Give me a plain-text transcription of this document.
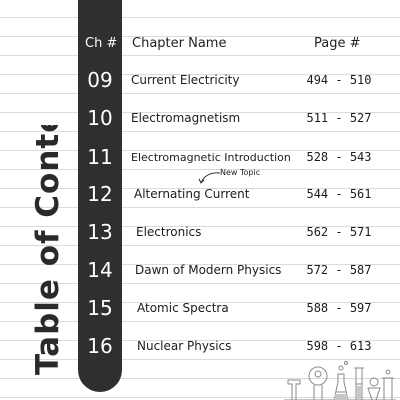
Table of Contents: Ch # Chapter Name	Page #
09	Current Electricity	494 - 510
10	Electromagnetism	511 - 527
11	Electromagnetic Introduction	528 - 543
12	Alternating Current	544 - 561
New Topic
13	Electronics	562 - 571
14	Dawn of Modern Physics	572 - 587
15	Atomic Spectra	588 - 597
16	Nuclear Physics	598 - 613
